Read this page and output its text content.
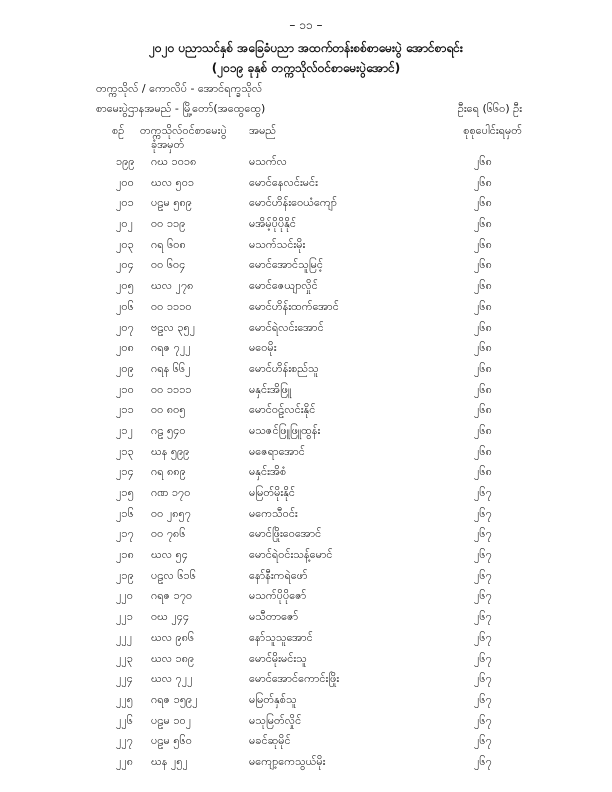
– ၁၁ –
၂၀၂၀ ပညာသင်နှစ် အခြေခံပညာ အထက်တန်းစစ်စာမေးပွဲ အောင်စာရင်း
(၂၀၁၉ ခုနှစ် တက္ကသိုလ်ဝင်စာမေးပွဲအောင်)
တက္ကသိုလ် / ကောလိပ် - အောင်ရက္ခသိုလ်
စာမေးပွဲဌာနအမည် - မြို့တော်(အထွေထွေ)	ဦးရေ (၆၆၀) ဦး
စဉ် တက္ကသိုလ်ဝင်စာမေးပွဲ
ခုံအမှတ်
အမည်	စုစုပေါင်းရမှတ်
၁၉၉ ဂဃ ၁၀၁၈	မသက်လ	၂၆၈
၂၀၀ ဃလ ၅၀၁	မောင်နေလင်းမင်း	၂၆၈
၂၀၁ ပဠမ ၅၈၉	မောင်ဟိန်းဝေယံကျော်	၂၆၈
၂၀၂ ဝဝ ၁၁၉	မအိမ့်ပိုပိုနိုင်	၂၆၈
၂၀၃ ဂရ ၆၀၈	မသက်သင်းမိုး	၂၆၈
၂၀၄ ဝဝ ၆၀၄	မောင်အောင်သူမြင့်	၂၆၈
၂၀၅ ဃလ ၂၇၈	မောင်ဇေယျာလှိုင်	၂၆၈
၂၀၆ ဝဝ ၁၁၁၀	မောင်ဟိန်းထက်အောင်	၂၆၈
၂၀၇ ဗဠလ ၃၅၂	မောင်ရဲလင်းအောင်	၂၆၈
၂၀၈ ဂရဇ ၇၂၂	မဝေမိုး	၂၆၈
၂၀၉ ဂရန ၆၆၂	မောင်ဟိန်းစည်သူ	၂၆၈
၂၁၀ ဝဝ ၁၁၁၁	မနှင်းအိဖြူ	၂၆၈
၂၁၁ ဝဝ ၈၀၅	မောင်ဝဠ်လင်းနိုင်	၂၆၈
၂၁၂ ဂဠ ၅၄၀	မသဇင်ဖြူဖြူထွန်း	၂၆၈
၂၁၃ ဃန ၅၉၉	မဇေရာအောင်	၂၆၈
၂၁၄ ဂရ ၈၈၉	မနှင်းအိစံ	၂၆၈
၂၁၅ ဂဏ ၁၇၀	မမြတ်မိုးနိုင်	၂၆၇
၂၁၆ ဝဝ ၂၈၅၇	မကေသီဝင်း	၂၆၇
၂၁၇ ဝဝ ၇၈၆	မောင်ဖြိုးဝေအောင်	၂၆၇
၂၁၈ ဃလ ၅၄	မောင်ရဲဝင်းသန့်မောင်	၂၆၇
၂၁၉ ပဠလ ၆၁၆	နော်နီးကရဲဖော်	၂၆၇
၂၂၀ ဂရဇ ၁၇၀	မသက်ပိုပိုဇော်	၂၆၇
၂၂၁ ဝဃ ၂၄၄	မသီတာဇော်	၂၆၇
၂၂၂ ဃလ ၉၈၆	နော်သူသူအောင်	၂၆၇
၂၂၃ ဃလ ၁၈၉	မောင်မိုးမင်းသူ	၂၆၇
၂၂၄ ဃလ ၇၂၂	မောင်အောင်ကောင်းဖြိုး	၂၆၇
၂၂၅ ဂရဇ ၁၅၉၂	မမြတ်နှစ်သူ	၂၆၇
၂၂၆ ပဠမ ၁၀၂	မသုမြတ်လှိုင်	၂၆၇
၂၂၇ ပဠမ ၅၆၀	မခင်ဆုမိုင်	၂၆၇
၂၂၈ ဃန ၂၅၂	မကျော့ကေသွယ်မိုး	၂၆၇
